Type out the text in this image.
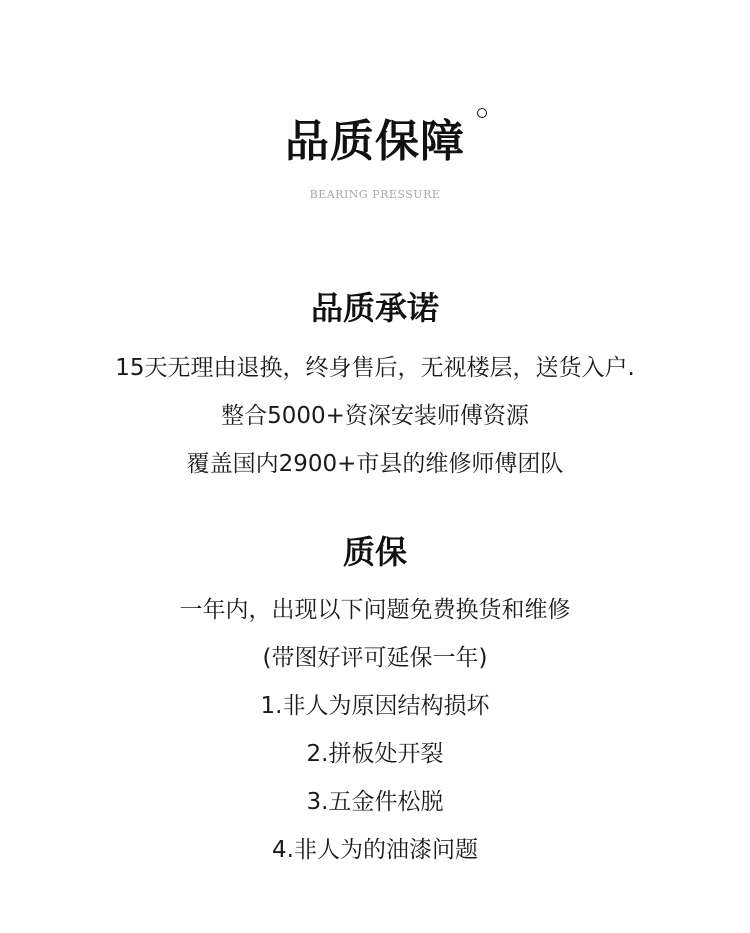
品质保障
BEARING PRESSURE
品质承诺
15天无理由退换，终身售后，无视楼层，送货入户.
整合5000+资深安装师傅资源
覆盖国内2900+市县的维修师傅团队
质保
一年内，出现以下问题免费换货和维修
(带图好评可延保一年)
1.非人为原因结构损坏
2.拼板处开裂
3.五金件松脱
4.非人为的油漆问题
